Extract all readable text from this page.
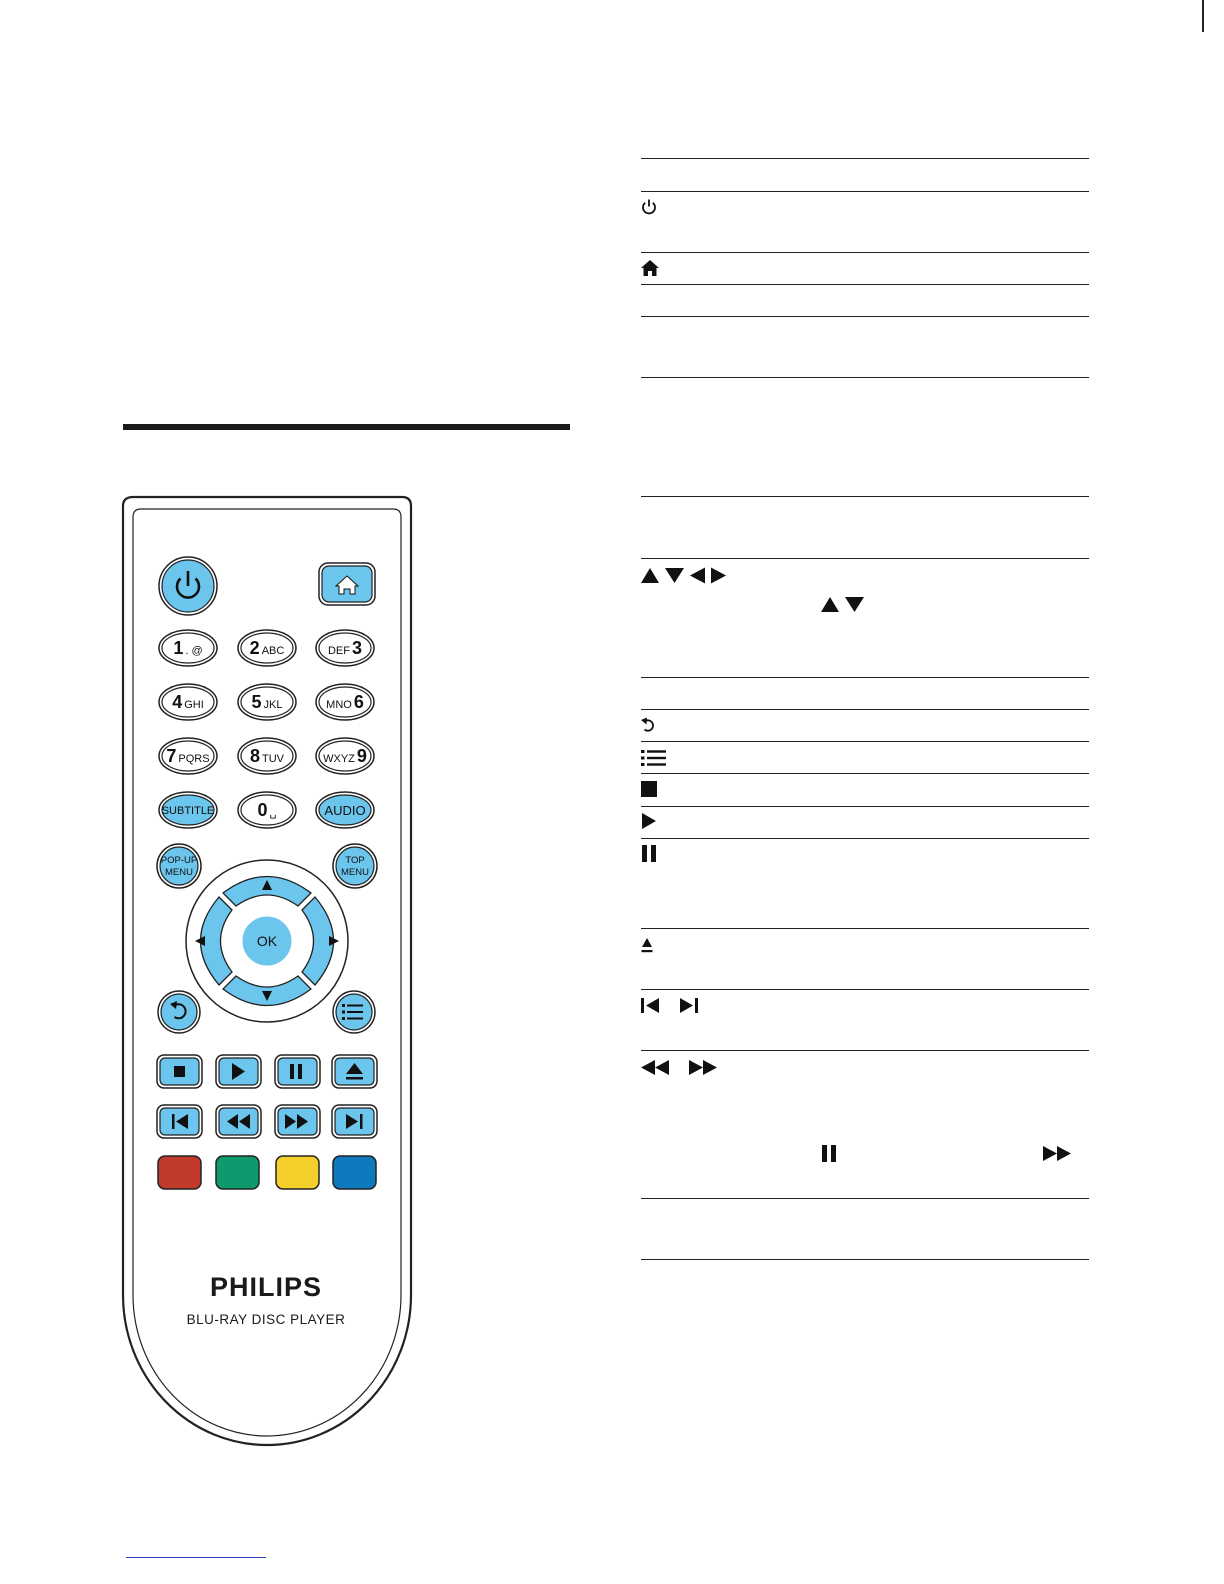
1 . @	2 ABC	DEF 3
4 GHI	5 JKL	MNO 6
7 PQRS 8 TUV	WXYZ 9
0 ␣
SUBTITLE	AUDIO
POP-UP
MENU
TOP
MENU
OK
PHILIPS
BLU-RAY DISC PLAYER
